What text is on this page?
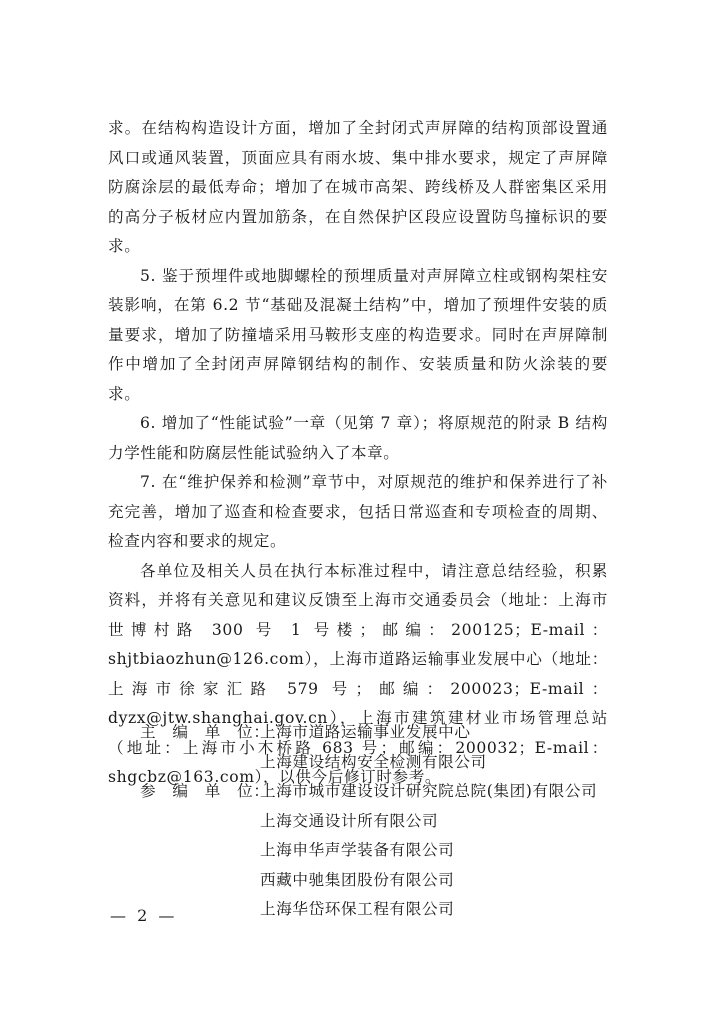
求。在结构构造设计方面，增加了全封闭式声屏障的结构顶部设置通风口或通风装置，顶面应具有雨水坡、集中排水要求，规定了声屏障防腐涂层的最低寿命；增加了在城市高架、跨线桥及人群密集区采用的高分子板材应内置加筋条，在自然保护区段应设置防鸟撞标识的要求。

5. 鉴于预埋件或地脚螺栓的预埋质量对声屏障立柱或钢构架柱安装影响，在第 6.2 节“基础及混凝土结构”中，增加了预埋件安装的质量要求，增加了防撞墙采用马鞍形支座的构造要求。同时在声屏障制作中增加了全封闭声屏障钢结构的制作、安装质量和防火涂装的要求。

6. 增加了“性能试验”一章（见第 7 章）；将原规范的附录 B 结构力学性能和防腐层性能试验纳入了本章。

7. 在“维护保养和检测”章节中，对原规范的维护和保养进行了补充完善，增加了巡查和检查要求，包括日常巡查和专项检查的周期、检查内容和要求的规定。

各单位及相关人员在执行本标准过程中，请注意总结经验，积累资料，并将有关意见和建议反馈至上海市交通委员会（地址：上海市世博村路 300 号 1 号楼；邮编：200125；E-mail：shjtbiaozhun@126.com），上海市道路运输事业发展中心（地址：上海市徐家汇路 579 号；邮编：200023；E-mail：dyzx@jtw.shanghai.gov.cn），上海市建筑建材业市场管理总站（地址：上海市小木桥路 683 号；邮编：200032；E-mail：shgcbz@163.com），以供今后修订时参考。

主　编　单　位：
上海市道路运输事业发展中心
上海建设结构安全检测有限公司
参　编　单　位：
上海市城市建设设计研究院总院(集团)有限公司
上海交通设计所有限公司
上海申华声学装备有限公司
西藏中驰集团股份有限公司
上海华岱环保工程有限公司
— 2 —
